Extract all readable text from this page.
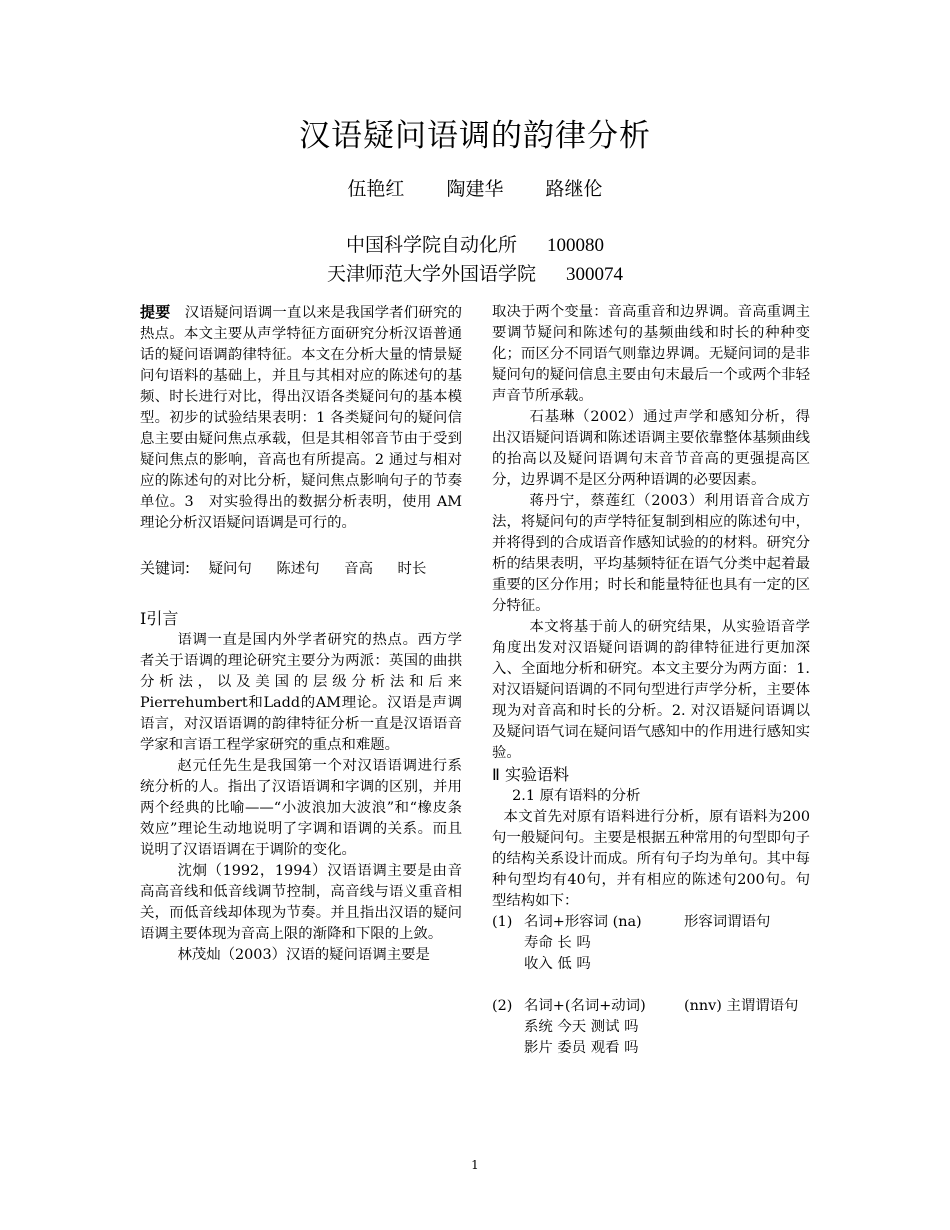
汉语疑问语调的韵律分析
伍艳红 陶建华 路继伦
中国科学院自动化所 100080
天津师范大学外国语学院 300074

提要 汉语疑问语调一直以来是我国学者们研究的热点。本文主要从声学特征方面研究分析汉语普通话的疑问语调韵律特征。本文在分析大量的情景疑问句语料的基础上，并且与其相对应的陈述句的基频、时长进行对比，得出汉语各类疑问句的基本模型。初步的试验结果表明：1 各类疑问句的疑问信息主要由疑问焦点承载，但是其相邻音节由于受到疑问焦点的影响，音高也有所提高。2 通过与相对应的陈述句的对比分析，疑问焦点影响句子的节奏单位。3　对实验得出的数据分析表明，使用 AM 理论分析汉语疑问语调是可行的。

关键词: 疑问句 陈述句 音高 时长
Ⅰ引言

语调一直是国内外学者研究的热点。西方学者关于语调的理论研究主要分为两派：英国的曲拱分析法，以及美国的层级分析法和后来Pierrehumbert和Ladd的AM理论。汉语是声调语言，对汉语语调的韵律特征分析一直是汉语语音学家和言语工程学家研究的重点和难题。

赵元任先生是我国第一个对汉语语调进行系统分析的人。指出了汉语语调和字调的区别，并用两个经典的比喻——“小波浪加大波浪”和“橡皮条效应”理论生动地说明了字调和语调的关系。而且说明了汉语语调在于调阶的变化。

沈炯（1992，1994）汉语语调主要是由音高高音线和低音线调节控制，高音线与语义重音相关，而低音线却体现为节奏。并且指出汉语的疑问语调主要体现为音高上限的渐降和下限的上敛。

林茂灿（2003）汉语的疑问语调主要是

取决于两个变量：音高重音和边界调。音高重调主要调节疑问和陈述句的基频曲线和时长的种种变化；而区分不同语气则靠边界调。无疑问词的是非疑问句的疑问信息主要由句末最后一个或两个非轻声音节所承载。

石基琳（2002）通过声学和感知分析，得出汉语疑问语调和陈述语调主要依靠整体基频曲线的抬高以及疑问语调句末音节音高的更强提高区分，边界调不是区分两种语调的必要因素。

蒋丹宁，蔡莲红（2003）利用语音合成方法，将疑问句的声学特征复制到相应的陈述句中，并将得到的合成语音作感知试验的的材料。研究分析的结果表明，平均基频特征在语气分类中起着最重要的区分作用；时长和能量特征也具有一定的区分特征。

本文将基于前人的研究结果，从实验语音学角度出发对汉语疑问语调的韵律特征进行更加深入、全面地分析和研究。本文主要分为两方面：1. 对汉语疑问语调的不同句型进行声学分析，主要体现为对音高和时长的分析。2. 对汉语疑问语调以及疑问语气词在疑问语气感知中的作用进行感知实验。

Ⅱ 实验语料

2.1 原有语料的分析

本文首先对原有语料进行分析，原有语料为200句一般疑问句。主要是根据五种常用的句型即句子的结构关系设计而成。所有句子均为单句。其中每种句型均有40句，并有相应的陈述句200句。句型结构如下：

(1) 名词+形容词 (na)	形容词谓语句

寿命 长 吗

收入 低 吗

(2) 名词+(名词+动词)	(nnv) 主谓谓语句

系统 今天 测试 吗

影片 委员 观看 吗

1
